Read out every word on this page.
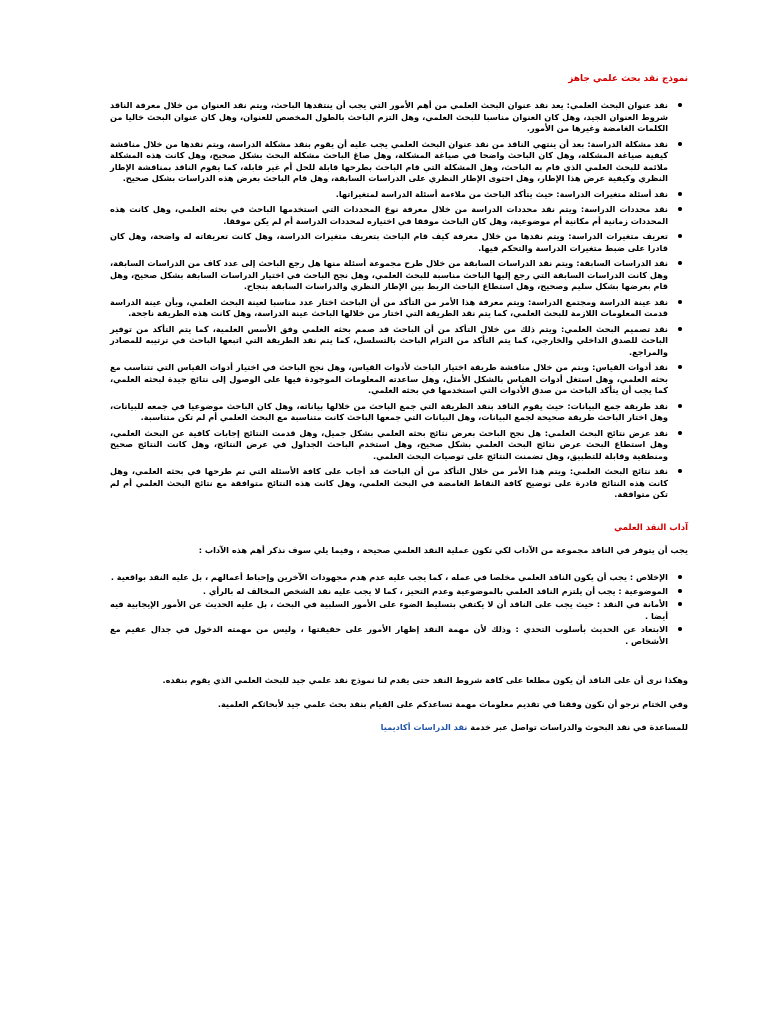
نموذج نقد بحث علمي جاهز
نقد عنوان البحث العلمي: يعد نقد عنوان البحث العلمي من أهم الأمور التي يجب أن ينتقدها الباحث، ويتم نقد العنوان من خلال معرفة الناقد شروط العنوان الجيد، وهل كان العنوان مناسبا للبحث العلمي، وهل التزم الباحث بالطول المخصص للعنوان، وهل كان عنوان البحث خاليا من الكلمات الغامضة وغيرها من الأمور.
نقد مشكلة الدراسة: بعد أن ينتهي الناقد من نقد عنوان البحث العلمي يجب عليه أن يقوم بنقد مشكلة الدراسة، ويتم نقدها من خلال مناقشة كيفية صياغة المشكلة، وهل كان الباحث واضحا في صياغة المشكلة، وهل صاغ الباحث مشكلة البحث بشكل صحيح، وهل كانت هذه المشكلة ملائمة للبحث العلمي الذي قام به الباحث، وهل المشكلة التي قام الباحث بطرحها قابلة للحل أم غير قابلة، كما يقوم الناقد بمناقشة الإطار النظري وكيفية عرض هذا الإطار، وهل احتوى الإطار النظري على الدراسات السابقة، وهل قام الباحث بعرض هذه الدراسات بشكل صحيح.
نقد أسئلة متغيرات الدراسة: حيث يتأكد الباحث من ملاءمة أسئلة الدراسة لمتغيراتها.
نقد محددات الدراسة: ويتم نقد محددات الدراسة من خلال معرفة نوع المحددات التي استخدمها الباحث في بحثه العلمي، وهل كانت هذه المحددات زمانية أم مكانية أم موضوعية، وهل كان الباحث موفقا في اختياره لمحددات الدراسة أم لم يكن موفقا.
تعريف متغيرات الدراسة: ويتم نقدها من خلال معرفة كيف قام الباحث بتعريف متغيرات الدراسة، وهل كانت تعريفاته له واضحة، وهل كان قادرا على ضبط متغيرات الدراسة والتحكم فيها.
نقد الدراسات السابقة: ويتم نقد الدراسات السابقة من خلال طرح مجموعة أسئلة منها هل رجع الباحث إلى عدد كاف من الدراسات السابقة، وهل كانت الدراسات السابقة التي رجع إليها الباحث مناسبة للبحث العلمي، وهل نجح الباحث في اختيار الدراسات السابقة بشكل صحيح، وهل قام بعرضها بشكل سليم وصحيح، وهل استطاع الباحث الربط بين الإطار النظري والدراسات السابقة بنجاح.
نقد عينة الدراسة ومجتمع الدراسة: ويتم معرفة هذا الأمر من التأكد من أن الباحث اختار عدد مناسبا لعينة البحث العلمي، وبأن عينة الدراسة قدمت المعلومات اللازمة للبحث العلمي، كما يتم نقد الطريقة التي اختار من خلالها الباحث عينة الدراسة، وهل كانت هذه الطريقة ناجحة.
نقد تصميم البحث العلمي: ويتم ذلك من خلال التأكد من أن الباحث قد صمم بحثه العلمي وفق الأسس العلمية، كما يتم التأكد من توفير الباحث للصدق الداخلي والخارجي، كما يتم التأكد من التزام الباحث بالتسلسل، كما يتم نقد الطريقة التي اتبعها الباحث في ترتيبه للمصادر والمراجع.
نقد أدوات القياس: ويتم من خلال مناقشة طريقة اختيار الباحث لأدوات القياس، وهل نجح الباحث في اختيار أدوات القياس التي تتناسب مع بحثه العلمي، وهل استغل أدوات القياس بالشكل الأمثل، وهل ساعدته المعلومات الموجودة فيها على الوصول إلى نتائج جيدة لبحثه العلمي، كما يجب أن يتأكد الباحث من صدق الأدوات التي استخدمها في بحثه العلمي.
نقد طريقة جمع البيانات: حيث يقوم الناقد بنقد الطريقة التي جمع الباحث من خلالها بياناته، وهل كان الباحث موضوعيا في جمعه للبيانات، وهل اختار الباحث طريقة صحيحة لجمع البيانات، وهل البيانات التي جمعها الباحث كانت متناسبة مع البحث العلمي أم لم تكن متناسبة.
نقد عرض نتائج البحث العلمي: هل نجح الباحث بعرض نتائج بحثه العلمي بشكل جميل، وهل قدمت النتائج إجابات كافية عن البحث العلمي، وهل استطاع البحث عرض نتائج البحث العلمي بشكل صحيح، وهل استخدم الباحث الجداول في عرض النتائج، وهل كانت النتائج صحيح ومنطقية وقابلة للتطبيق، وهل تضمنت النتائج على توصيات البحث العلمي.
نقد نتائج البحث العلمي: ويتم هذا الأمر من خلال التأكد من أن الباحث قد أجاب على كافة الأسئلة التي تم طرحها في بحثه العلمي، وهل كانت هذه النتائج قادرة على توضيح كافة النقاط الغامضة في البحث العلمي، وهل كانت هذه النتائج متوافقة مع نتائج البحث العلمي أم لم تكن متوافقة.
آداب النقد العلمي

يجب أن يتوفر في الناقد مجموعة من الآداب لكي تكون عملية النقد العلمي صحيحة ، وفيما يلي سوف نذكر أهم هذه الآداب :

الإخلاص : يجب أن يكون الناقد العلمي مخلصا في عمله ، كما يجب عليه عدم هدم مجهودات الآخرين وإحباط أعمالهم ، بل عليه النقد بواقعية .
الموضوعية : يجب أن يلتزم الناقد العلمي بالموضوعية وعدم التحيز ، كما لا يجب عليه نقد الشخص المخالف له بالرأي .
الأمانة في النقد : حيث يجب على الناقد أن لا يكتفي بتسليط الضوء على الأمور السلبية في البحث ، بل عليه الحديث عن الأمور الإيجابية فيه أيضا .
الابتعاد عن الحديث بأسلوب التحدي : وذلك لأن مهمة النقد إظهار الأمور على حقيقتها ، وليس من مهمته الدخول في جدال عقيم مع الأشخاص .

وهكذا نرى أن على الناقد أن يكون مطلعا على كافة شروط النقد حتى يقدم لنا نموذج نقد علمي جيد للبحث العلمي الذي يقوم بنقده.

وفي الختام نرجو أن نكون وفقنا في تقديم معلومات مهمة تساعدكم على القيام بنقد بحث علمي جيد لأبحاثكم العلمية.

للمساعدة في نقد البحوث والدراسات تواصل عبر خدمة نقد الدراسات أكاديميا
